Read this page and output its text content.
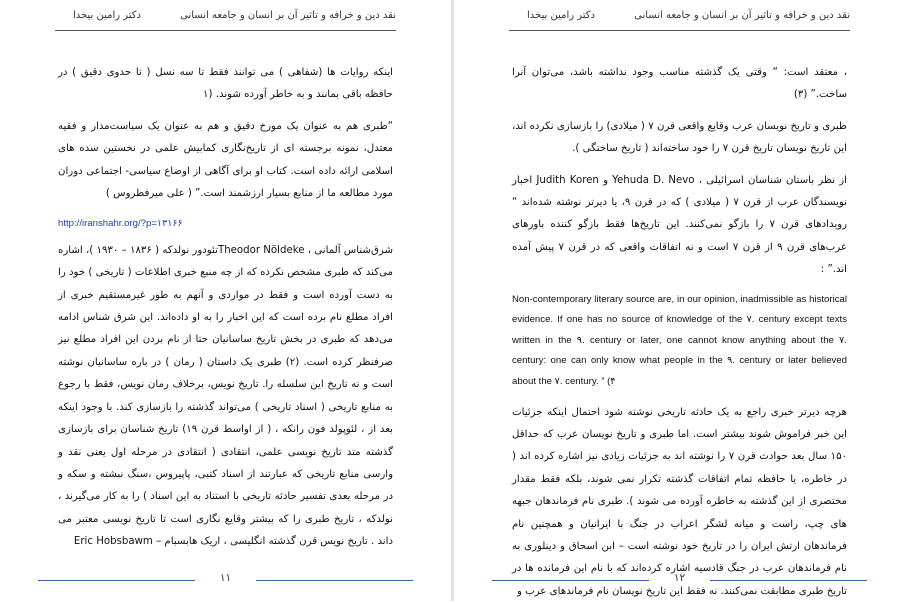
نقد دین و خرافه و تاثیر آن بر انسان و جامعه انسانی
دکتر رامین بیخدا

اینکه روایات ها (شفاهی ) می توانند فقط تا سه نسل ( تا حدوی دقیق ) در حافظه باقی بمانند و به خاطر آورده شوند. (۱

“طبری هم به عنوان یک مورخ دقیق و هم به عنوان یک سیاست‌مدار و فقیه معتدل، نمونه برجسته ای از تاریخ‌نگاری کمابیش علمی در نخستین سده های اسلامی ارائه داده است. کتاب او برای آگاهی از اوضاع سیاسی- اجتماعی دوران مورد مطالعه ما از منابع بسیار ارزشمند است.” ( علی میرفطروس )

http://iranshahr.org/?p=۱۳۱۶۶

شرق‌شناس آلمانی ، Theodor Nöldekeتئودور نولدکه ( ۱۸۳۶ – ۱۹۳۰ )، اشاره می‌کند که طبری مشخص نکرده که از چه منبع خبری اطلاعات ( تاریخی ) خود را به دست آورده است و فقط در مواردی و آنهم به طور غیرمستقیم خبری از افراد مطلع نام برده است که این اخبار را به او داده‌اند. این شرق شناس ادامه می‌دهد که طبری در بخش تاریخ ساسانیان حتا از نام بردن این افراد مطلع نیز صرفنظر کرده است. (۲) طبری یک داستان ( رمان ) در باره ساسانیان نوشته است و نه تاریخ این سلسله را. تاریخ نویس، برخلاف رمان نویس، فقط با رجوع به منابع تاریخی ( اسناد تاریخی ) می‌تواند گذشته را بازسازی کند. با وجود اینکه بعد از ، لئوپولد فون رانکه ، ( از اواسط قرن ۱۹) تاریخ شناسان برای بازسازی گذشته متد تاریخ نویسی علمی، انتقادی ( انتقادی در مرحله اول یعنی نقد و وارسی منابع تاریخی که عبارتند از اسناد کتبی، پاپیروس ،سنگ نبشته و سکه و در مرحله بعدی تفسیر حادثه تاریخی با استناد به این اسناد ) را به کار می‌گیرند ، نولدکه ، تاریخ طبری را که بیشتر وقایع نگاری است تا تاریخ نویسی معتبر می داند . تاریخ نویس قرن گذشته انگلیسی ، اریک هابسبام – Eric Hobsbawm

۱۱
نقد دین و خرافه و تاثیر آن بر انسان و جامعه انسانی
دکتر رامین بیخدا

، معتقد است: “ وقتی یک گذشته مناسب وجود نداشته باشد، می‌توان آنرا ساخت.” (۳)

طبری و تاریخ نویسان عرب وقایع واقعی قرن ۷ ( میلادی) را بازسازی نکرده اند، این تاریخ نویسان تاریخ قرن ۷ را خود ساخته‌اند ( تاریخ ساختگی ).

از نظر باستان شناسان اسرائیلی ، Yehuda D. Nevo و Judith Koren اخبار نویسندگان عرب از قرن ۷ ( میلادی ) که در قرن ۹، یا دیرتر نوشته شده‌اند “ رویدادهای قرن ۷ را بازگو نمی‌کنند. این تاریخ‌ها فقط بازگو کننده باورهای عرب‌های قرن ۹ از قرن ۷ است و نه اتفاقات واقعی که در قرن ۷ پیش آمده اند.” :

Non-contemporary literary source are, in our opinion, inadmissible as historical evidence. If one has no source of knowledge of the ۷. century except texts written in the ۹. century or later, one cannot know anything about the ۷. century: one can only know what people in the ۹. century or later believed about the ۷. century. ” (۴

هرچه دیرتر خبری راجع به یک حادثه تاریخی نوشته شود احتمال اینکه جزئیات این خبر فراموش شوند بیشتر است. اما طبری و تاریخ نویسان عرب که حداقل ۱۵۰ سال بعد حوادث قرن ۷ را نوشته اند به جزئیات زیادی نیز اشاره کرده اند ( در خاطره، یا حافظه تمام اتفاقات گذشته تکرار نمی شوند، بلکه فقط مقدار مختصری از این گذشته به خاطره آورده می شوند ). طبری نام فرماندهان جبهه های چپ، راست و میانه لشگر اعراب در جنگ با ایرانیان و همچنین نام فرماندهان ارتش ایران را در تاریخ خود نوشته است – ابن اسحاق و دینلوری به نام فرماندهان عرب در جنگ قادسیه اشاره کرده‌اند که با نام این فرمانده ها در تاریخ طبری مطابقت نمی‌کنند. نه فقط این تاریخ نویسان نام فرماندهای عرب و

۱۲
